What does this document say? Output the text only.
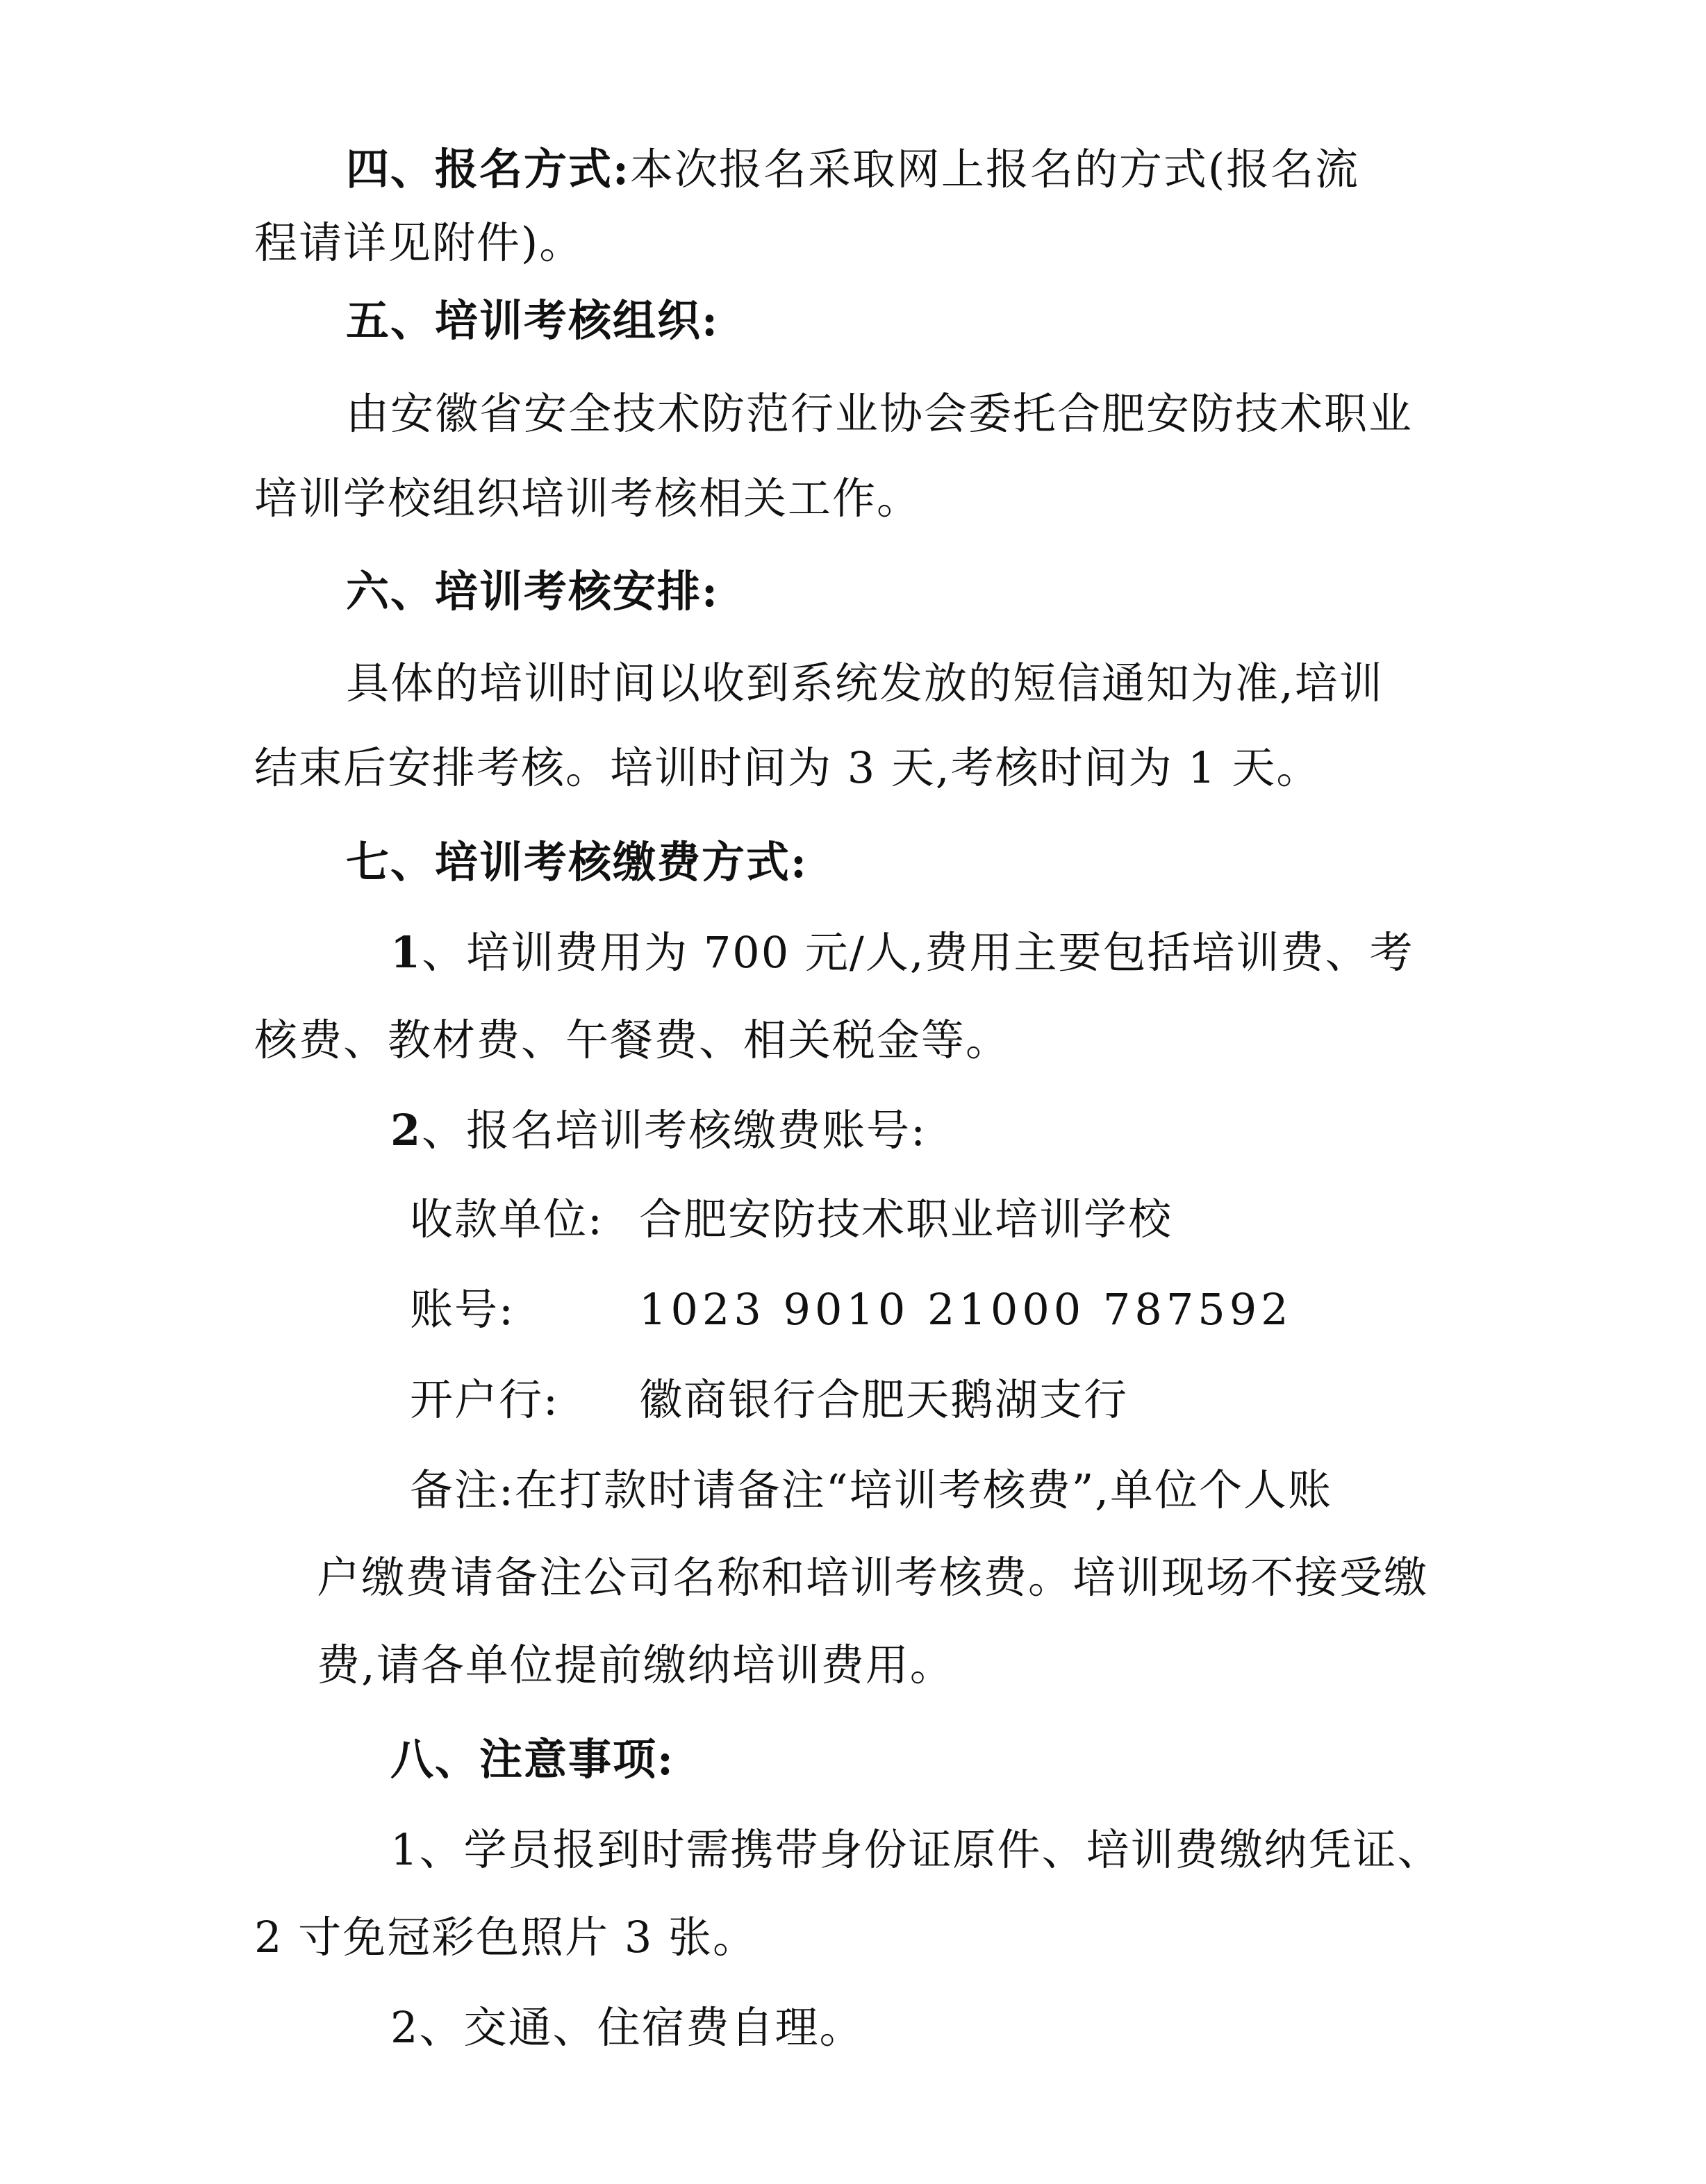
四、报名方式:本次报名采取网上报名的方式(报名流
程请详见附件)。
五、培训考核组织:
由安徽省安全技术防范行业协会委托合肥安防技术职业
培训学校组织培训考核相关工作。
六、培训考核安排:
具体的培训时间以收到系统发放的短信通知为准,培训
结束后安排考核。培训时间为 3 天,考核时间为 1 天。
七、培训考核缴费方式:
1、培训费用为 700 元/人,费用主要包括培训费、考
核费、教材费、午餐费、相关税金等。
2、报名培训考核缴费账号:
收款单位: 合肥安防技术职业培训学校
账号:	1023 9010 21000 787592
开户行: 徽商银行合肥天鹅湖支行
备注:在打款时请备注“培训考核费”,单位个人账
户缴费请备注公司名称和培训考核费。培训现场不接受缴
费,请各单位提前缴纳培训费用。
八、注意事项:
1、学员报到时需携带身份证原件、培训费缴纳凭证、
2 寸免冠彩色照片 3 张。
2、交通、住宿费自理。
